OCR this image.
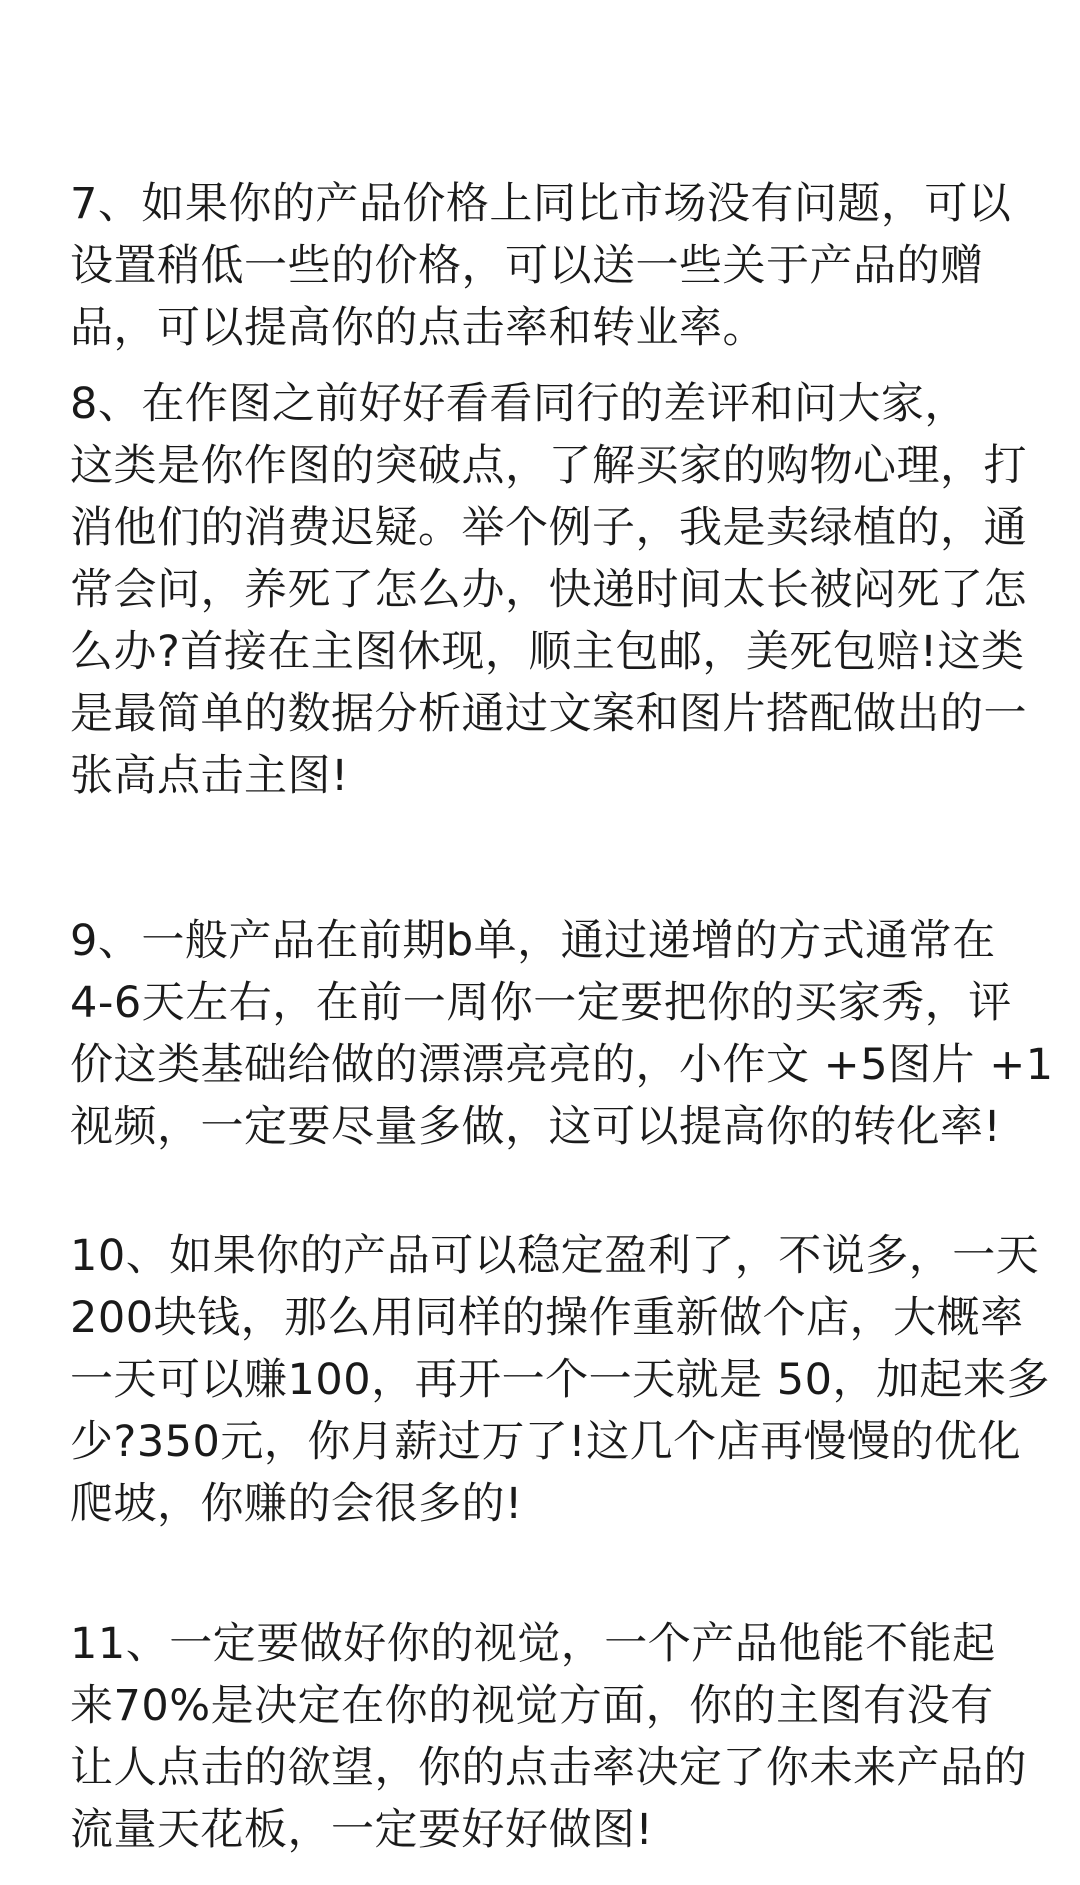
7、如果你的产品价格上同比市场没有问题，可以
设置稍低一些的价格，可以送一些关于产品的赠
品，可以提高你的点击率和转业率。
8、在作图之前好好看看同行的差评和问大家，
这类是你作图的突破点，了解买家的购物心理，打
消他们的消费迟疑。举个例子，我是卖绿植的，通
常会问，养死了怎么办，快递时间太长被闷死了怎
么办?首接在主图休现，顺主包邮，美死包赔!这类
是最简单的数据分析通过文案和图片搭配做出的一
张高点击主图!
9、一般产品在前期b单，通过递增的方式通常在
4-6天左右，在前一周你一定要把你的买家秀，评
价这类基础给做的漂漂亮亮的，小作文 +5图片 +1
视频，一定要尽量多做，这可以提高你的转化率!
10、如果你的产品可以稳定盈利了，不说多，一天
200块钱，那么用同样的操作重新做个店，大概率
一天可以赚100，再开一个一天就是 50，加起来多
少?350元，你月薪过万了!这几个店再慢慢的优化
爬坡，你赚的会很多的!
11、一定要做好你的视觉，一个产品他能不能起
来70%是决定在你的视觉方面，你的主图有没有
让人点击的欲望，你的点击率决定了你未来产品的
流量天花板，一定要好好做图!
